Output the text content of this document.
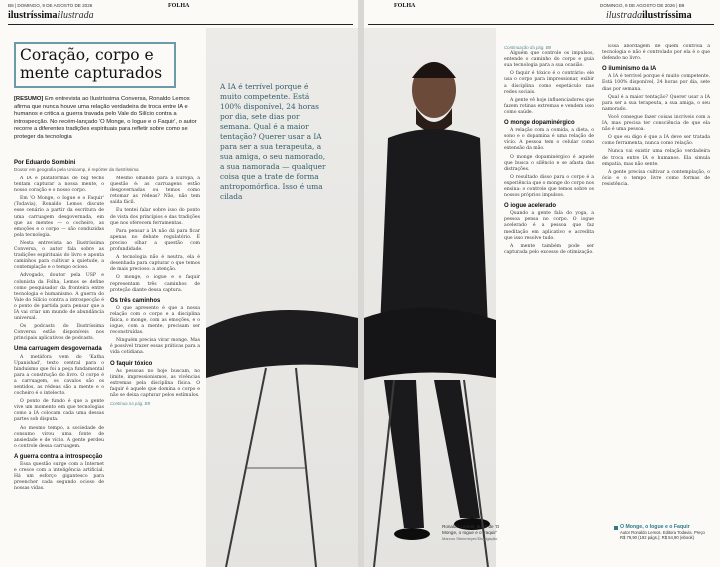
B8 | DOMINGO, 9 DE AGOSTO DE 2026	FOLHA
ilustríssimailustrada
Coração, corpo e mente capturados
[RESUMO] Em entrevista ao Ilustríssima Conversa, Ronaldo Lemos afirma que nunca houve uma relação verdadeira de troca entre IA e humanos e critica a guerra travada pelo Vale do Silício contra a introspecção. No recém-lançado 'O Monge, o Iogue e o Faquir', o autor recorre a diferentes tradições espirituais para refletir sobre como se proteger da tecnologia
Por Eduardo Sombini
Doutor em geografia pela Unicamp, é repórter da Ilustríssima

A IA e plataformas de big techs tentam capturar a nossa mente, o nosso coração e o nosso corpo.

Em 'O Monge, o Iogue e o Faquir' (Todavia), Ronaldo Lemos discute esse cenário a partir da escritura de uma carruagem desgovernada, em que as mentes — o cocheiro, as emoções e o corpo — são conduzidas pela tecnologia.

Nesta entrevista ao Ilustríssima Conversa, o autor fala sobre as tradições espirituais do livro e aponta caminhos para cultivar a quietude, a contemplação e o tempo ocioso.

Advogado, doutor pela USP e colunista da Folha, Lemos se define como pesquisador da fronteira entre tecnologia e humanismo. A guerra do Vale do Silício contra a introspecção é o ponto de partida para pensar que a IA vai criar um mundo de abundância universal.

Os podcasts do Ilustríssima Conversa estão disponíveis nos principais aplicativos de podcasts.

Uma carruagem desgovernada

A metáfora vem do 'Katha Upanishad', texto central para o hinduísmo que foi a peça fundamental para a construção do livro. O corpo é a carruagem, os cavalos são os sentidos, as rédeas são a mente e o cocheiro é o intelecto.

O ponto de fundo é que a gente vive um momento em que tecnologias como a IA colocam cada uma dessas partes sob disputa.

Ao mesmo tempo, a sociedade de consumo virou uma fonte de ansiedade e de vício. A gente perdeu o controle dessa carruagem.

A guerra contra a introspecção

Essa questão surge com a Internet e cresce com a inteligência artificial. Há um esforço gigantesco para preencher cada segundo ocioso de nossas vidas.

Mesmo olhando para a Europa, a questão é: as carruagens estão desgovernadas ou temos como retomar as rédeas? Não, não tem saída fácil.

Eu tentei falar sobre isso do ponto de vista dos princípios e das tradições que nos oferecem ferramentas.

Para pensar a IA não dá para ficar apenas no debate regulatório. É preciso olhar a questão com profundidade.

A tecnologia não é neutra, ela é desenhada para capturar o que temos de mais precioso: a atenção.

O monge, o iogue e o faquir representam três caminhos de proteção diante dessa captura.

Os três caminhos

O que apresento é que a nossa relação com o corpo e a disciplina física, o monge, com as emoções, e o iogue, com a mente, precisam ser reconstruídas.

Ninguém precisa virar monge. Mas é possível trazer essas práticas para a vida cotidiana.

O faquir tóxico

As pessoas no hoje buscam, no limite, impressionismos, as vivências extremas pela disciplina física. O faquir é aquele que domina o corpo e não se deixa capturar pelos estímulos.

Continua na pág. B9
A IA é terrível porque é muito competente. Está 100% disponível, 24 horas por dia, sete dias por semana. Qual é a maior tentação? Querer usar a IA para ser a sua terapeuta, a sua amiga, o seu namorado, a sua namorada — qualquer coisa que a trate de forma antropomórfica. Isso é uma cilada
FOLHA	DOMINGO, 9 DE AGOSTO DE 2026 | B9
ilustradailustríssima
Ronaldo Lemos, autor de 'O Monge, o Iogue e o Faquir'
Marcus Steinmeyer/Divulgação
Continuação da pág. B8

Alguém que controle os impulsos, entende o caminho do corpo e guia sua tecnologia para a sua ocasião.

O faquir é tóxico é o contrário: ele usa o corpo para impressionar, exibir a disciplina como espetáculo nas redes sociais.

A gente vê hoje influenciadores que fazem rotinas extremas e vendem isso como saúde.

O monge dopaminérgico

A relação com a comida, a dieta, o sono e o dopamina é uma relação de vício. A pessoa tem o celular como extensão da mão.

O monge dopaminérgico é aquele que busca o silêncio e se afasta das distrações.

O resultado disso para o corpo é a experiência que o monge do corpo nos ensina: o controle que temos sobre os nossos próprios impulsos.

O iogue acelerado

Quando a gente fala do yoga, a pessoa pensa no corpo. O iogue acelerado é a pessoa que faz meditação em aplicativo e acredita que isso resolve tudo.

A mente também pode ser capturada pelo excesso de otimização.

Essa abordagem de quem controla a tecnologia e não é controlado por ela é o que defendo no livro.

O iluminismo da IA

A IA é terrível porque é muito competente. Está 100% disponível, 24 horas por dia, sete dias por semana.

Qual é a maior tentação? Querer usar a IA para ser a sua terapeuta, a sua amiga, o seu namorado.

Você consegue fazer coisas incríveis com a IA, mas precisa ter consciência de que ela não é uma pessoa.

O que eu digo é que a IA deve ser tratada como ferramenta, nunca como relação.

Nunca vai existir uma relação verdadeira de troca entre IA e humanos. Ela simula empatia, mas não sente.

A gente precisa cultivar a contemplação, o ócio e o tempo livre como formas de resistência.

O Monge, o Iogue e o Faquir
Autor Ronaldo Lemos. Editora Todavia. Preço R$ 79,90 (192 págs.); R$ 54,90 (ebook)
